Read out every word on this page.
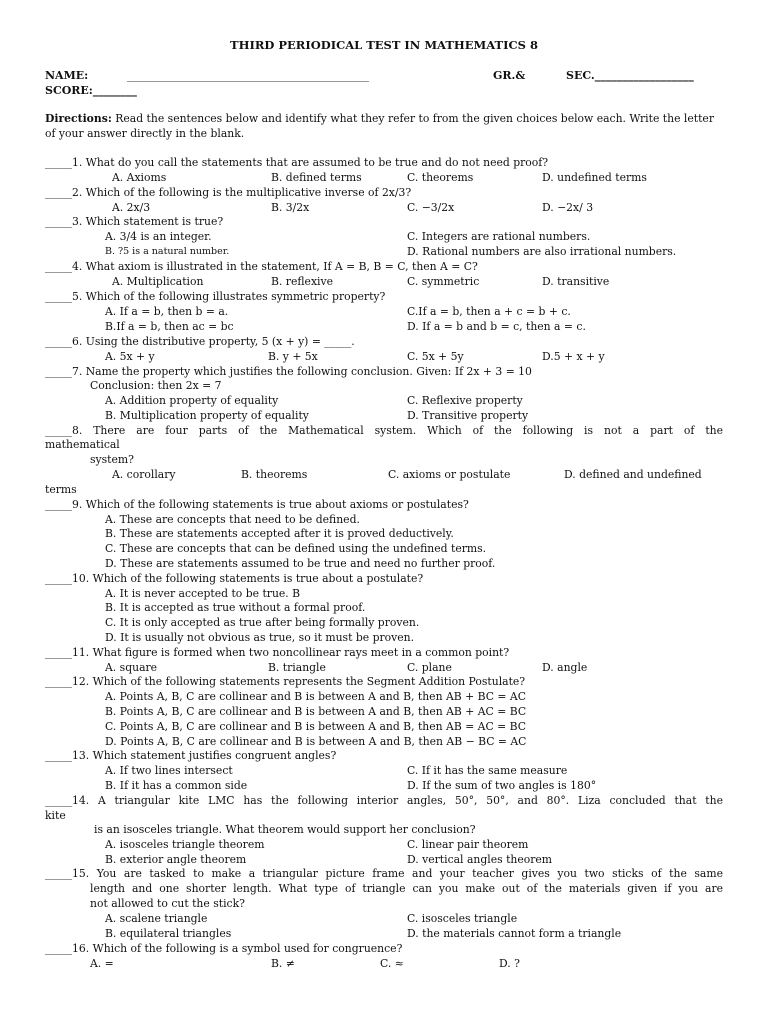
THIRD PERIODICAL TEST IN MATHEMATICS 8
NAME:	____________________________________________	GR.&	SEC.__________________
SCORE:________
Directions: Read the sentences below and identify what they refer to from the given choices below each. Write the letter of your answer directly in the blank.
_____1. What do you call the statements that are assumed to be true and do not need proof?
A. Axioms	B. defined terms	C. theorems	D. undefined terms
_____2. Which of the following is the multiplicative inverse of 2x/3?
A. 2x/3	B. 3/2x	C. −3/2x	D. −2x/ 3
_____3. Which statement is true?
A. 3/4 is an integer.	C. Integers are rational numbers.
B. ?5 is a natural number.	D. Rational numbers are also irrational numbers.
_____4. What axiom is illustrated in the statement, If A = B, B = C, then A = C?
A. Multiplication	B. reflexive	C. symmetric	D. transitive
_____5. Which of the following illustrates symmetric property?
A. If a = b, then b = a.	C.If a = b, then a + c = b + c.
B.If a = b, then ac = bc	D. If a = b and b = c, then a = c.
_____6. Using the distributive property, 5 (x + y) = _____.
A. 5x + y	B. y + 5x	C. 5x + 5y	D.5 + x + y
_____7. Name the property which justifies the following conclusion. Given: If 2x + 3 = 10
Conclusion: then 2x = 7
A. Addition property of equality	C. Reflexive property
B. Multiplication property of equality	D. Transitive property
_____8. There are four parts of the Mathematical system. Which of the following is not a part of the
mathematical
system?
A. corollary	B. theorems	C. axioms or postulate	D. defined and undefined
terms
_____9. Which of the following statements is true about axioms or postulates?
A. These are concepts that need to be defined.
B. These are statements accepted after it is proved deductively.
C. These are concepts that can be defined using the undefined terms.
D. These are statements assumed to be true and need no further proof.
_____10. Which of the following statements is true about a postulate?
A. It is never accepted to be true. B
B. It is accepted as true without a formal proof.
C. It is only accepted as true after being formally proven.
D. It is usually not obvious as true, so it must be proven.
_____11. What figure is formed when two noncollinear rays meet in a common point?
A. square	B. triangle	C. plane	D. angle
_____12. Which of the following statements represents the Segment Addition Postulate?
A. Points A, B, C are collinear and B is between A and B, then AB + BC = AC
B. Points A, B, C are collinear and B is between A and B, then AB + AC = BC
C. Points A, B, C are collinear and B is between A and B, then AB = AC = BC
D. Points A, B, C are collinear and B is between A and B, then AB − BC = AC
_____13. Which statement justifies congruent angles?
A. If two lines intersect	C. If it has the same measure
B. If it has a common side	D. If the sum of two angles is 180°
_____14. A triangular kite LMC has the following interior angles, 50°, 50°, and 80°. Liza concluded that the
kite
is an isosceles triangle. What theorem would support her conclusion?
A. isosceles triangle theorem	C. linear pair theorem
B. exterior angle theorem	D. vertical angles theorem
_____15. You are tasked to make a triangular picture frame and your teacher gives you two sticks of the same
length and one shorter length. What type of triangle can you make out of the materials given if you are
not allowed to cut the stick?
A. scalene triangle	C. isosceles triangle
B. equilateral triangles	D. the materials cannot form a triangle
_____16. Which of the following is a symbol used for congruence?
A. =	B. ≠	C. ≈	D. ?
